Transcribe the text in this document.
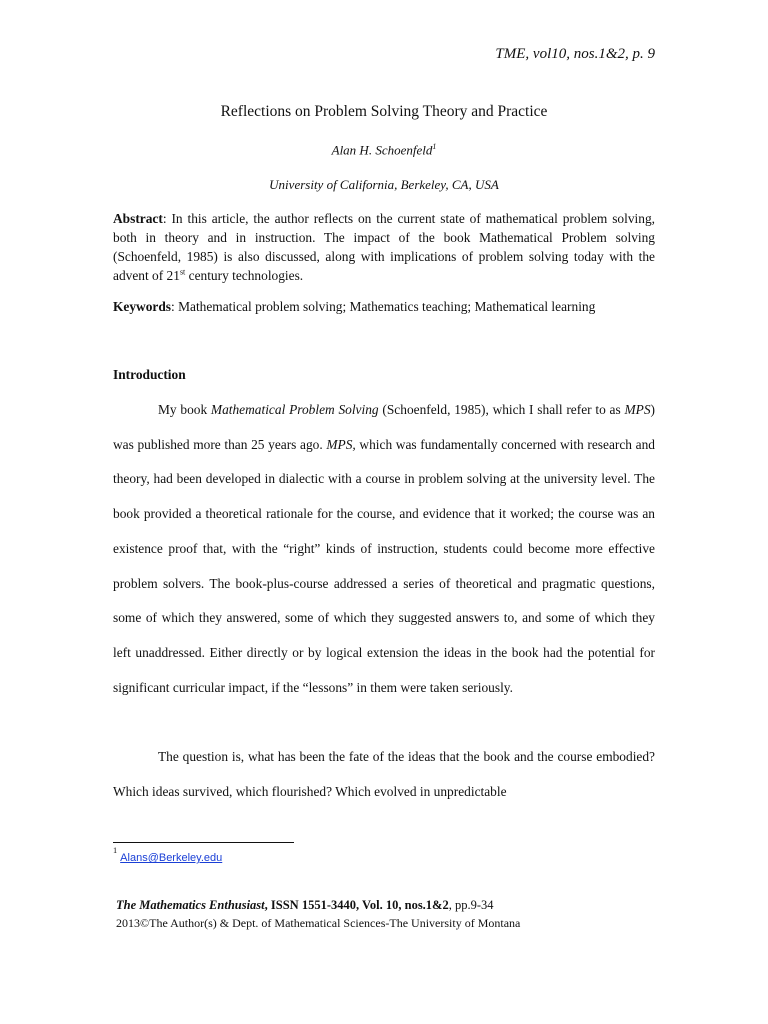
TME, vol10, nos.1&2, p. 9
Reflections on Problem Solving Theory and Practice
Alan H. Schoenfeld$^1$
University of California, Berkeley, CA, USA

Abstract: In this article, the author reflects on the current state of mathematical problem solving, both in theory and in instruction. The impact of the book Mathematical Problem solving (Schoenfeld, 1985) is also discussed, along with implications of problem solving today with the advent of 21st century technologies.

Keywords: Mathematical problem solving; Mathematics teaching; Mathematical learning

Introduction

My book Mathematical Problem Solving (Schoenfeld, 1985), which I shall refer to as MPS) was published more than 25 years ago. MPS, which was fundamentally concerned with research and theory, had been developed in dialectic with a course in problem solving at the university level. The book provided a theoretical rationale for the course, and evidence that it worked; the course was an existence proof that, with the “right” kinds of instruction, students could become more effective problem solvers. The book-plus-course addressed a series of theoretical and pragmatic questions, some of which they answered, some of which they suggested answers to, and some of which they left unaddressed. Either directly or by logical extension the ideas in the book had the potential for significant curricular impact, if the “lessons” in them were taken seriously.

The question is, what has been the fate of the ideas that the book and the course embodied? Which ideas survived, which flourished? Which evolved in unpredictable

$^1$Alans@Berkeley.edu
The Mathematics Enthusiast, ISSN 1551-3440, Vol. 10, nos.1&2, pp.9-34
2013©The Author(s) & Dept. of Mathematical Sciences-The University of Montana
